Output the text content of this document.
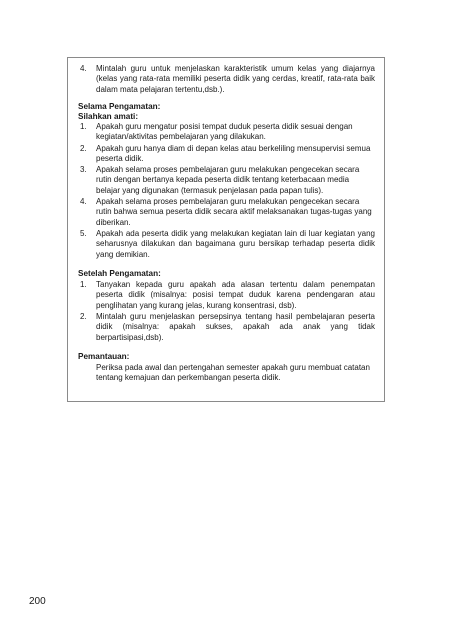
4. Mintalah guru untuk menjelaskan karakteristik umum kelas yang diajarnya (kelas yang rata-rata memiliki peserta didik yang cerdas, kreatif, rata-rata baik dalam mata pelajaran tertentu,dsb.).
Selama Pengamatan:
Silahkan amati:
1. Apakah guru mengatur posisi tempat duduk peserta didik sesuai dengan kegiatan/aktivitas pembelajaran yang dilakukan.
2. Apakah guru hanya diam di depan kelas atau berkeliling mensupervisi semua peserta didik.
3. Apakah selama proses pembelajaran guru melakukan pengecekan secara rutin dengan bertanya kepada peserta didik tentang keterbacaan media belajar yang digunakan (termasuk penjelasan pada papan tulis).
4. Apakah selama proses pembelajaran guru melakukan pengecekan secara rutin bahwa semua peserta didik secara aktif melaksanakan tugas-tugas yang diberikan.
5. Apakah ada peserta didik yang melakukan kegiatan lain di luar kegiatan yang seharusnya dilakukan dan bagaimana guru bersikap terhadap peserta didik yang demikian.
Setelah Pengamatan:
1. Tanyakan kepada guru apakah ada alasan tertentu dalam penempatan peserta didik (misalnya: posisi tempat duduk karena pendengaran atau penglihatan yang kurang jelas, kurang konsentrasi, dsb).
2. Mintalah guru menjelaskan persepsinya tentang hasil pembelajaran peserta didik (misalnya: apakah sukses, apakah ada anak yang tidak berpartisipasi,dsb).
Pemantauan:
Periksa pada awal dan pertengahan semester apakah guru membuat catatan tentang kemajuan dan perkembangan peserta didik.
200
